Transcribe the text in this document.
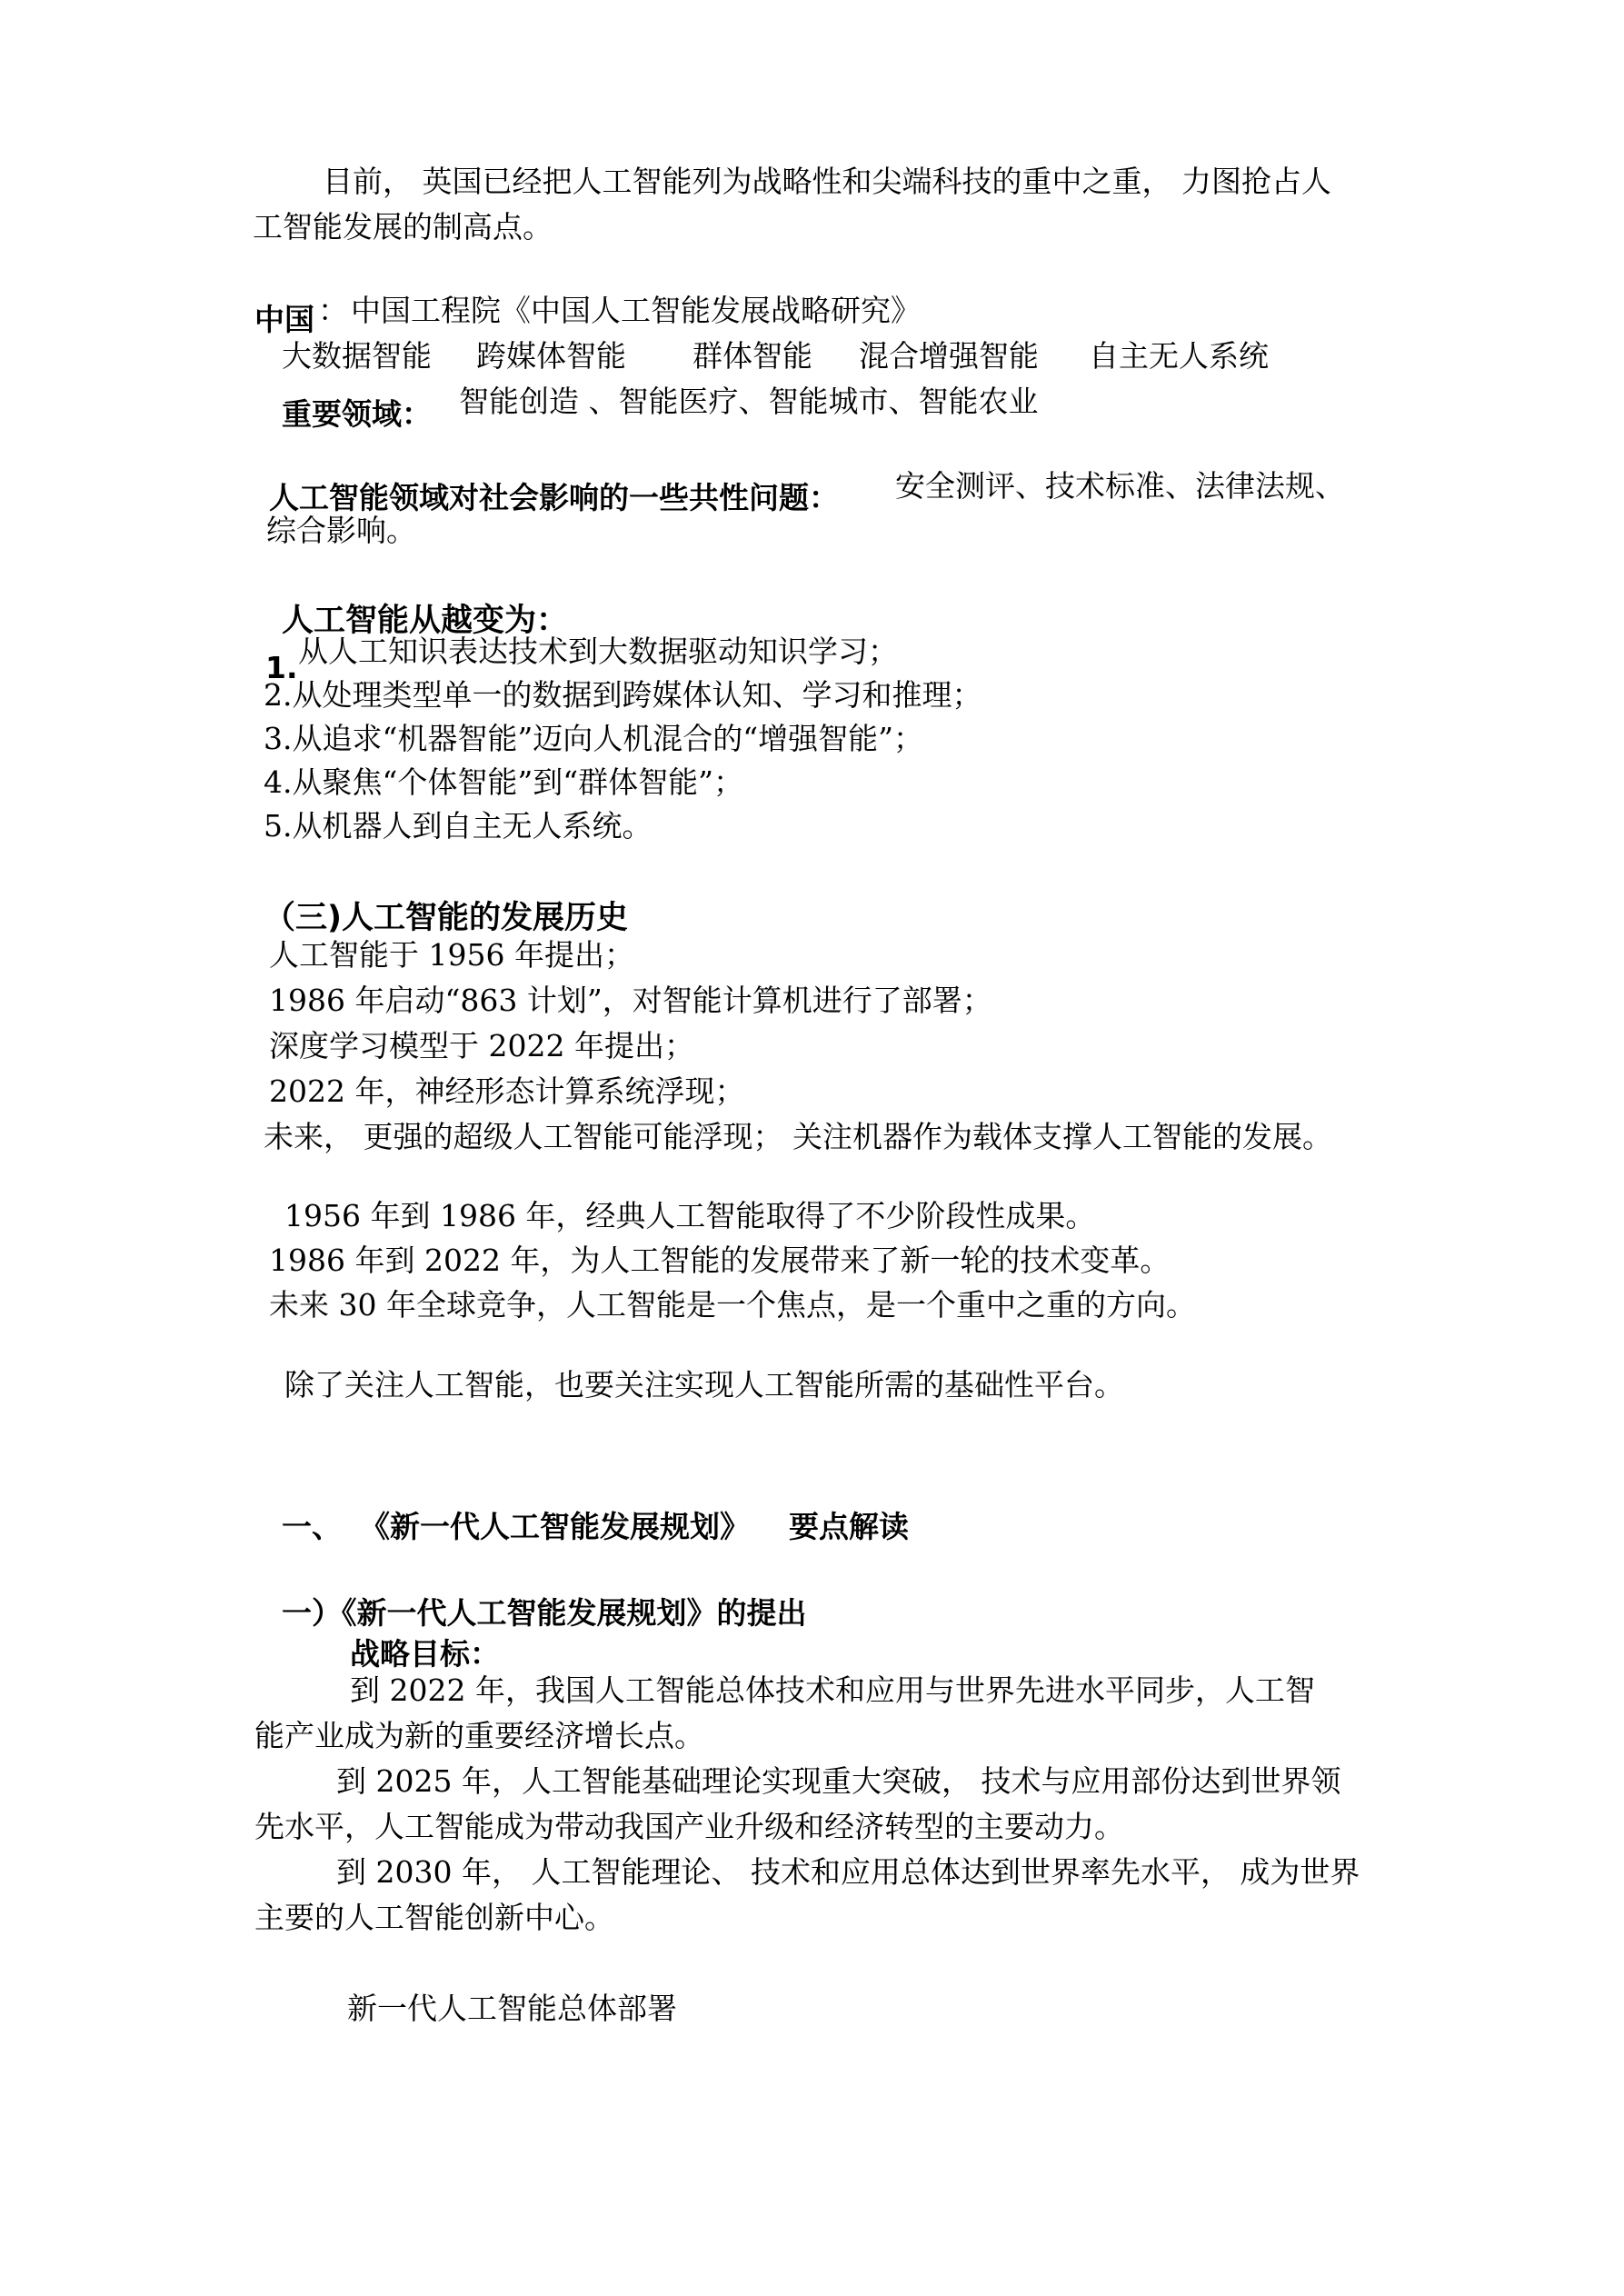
目前， 英国已经把人工智能列为战略性和尖端科技的重中之重， 力图抢占人
工智能发展的制高点。
中国 ： 中国工程院《中国人工智能发展战略研究》
大数据智能 跨媒体智能 群体智能 混合增强智能 自主无人系统
重要领域： 智能创造 、智能医疗、智能城市、智能农业
人工智能领域对社会影响的一些共性问题： 安全测评、技术标准、法律法规、
综合影响。
人工智能从越变为：
1. 从人工知识表达技术到大数据驱动知识学习；
2.从处理类型单一的数据到跨媒体认知、学习和推理；
3.从追求“机器智能”迈向人机混合的“增强智能”；
4.从聚焦“个体智能”到“群体智能”；
5.从机器人到自主无人系统。
（三)人工智能的发展历史
人工智能于 1956 年提出；
1986 年启动“863 计划”，对智能计算机进行了部署；
深度学习模型于 2022 年提出；
2022 年，神经形态计算系统浮现；
未来， 更强的超级人工智能可能浮现； 关注机器作为载体支撑人工智能的发展。
1956 年到 1986 年，经典人工智能取得了不少阶段性成果。
1986 年到 2022 年，为人工智能的发展带来了新一轮的技术变革。
未来 30 年全球竞争，人工智能是一个焦点，是一个重中之重的方向。
除了关注人工智能，也要关注实现人工智能所需的基础性平台。
一、 《新一代人工智能发展规划》 要点解读
一）《新一代人工智能发展规划》的提出
战略目标：
到 2022 年，我国人工智能总体技术和应用与世界先进水平同步，人工智
能产业成为新的重要经济增长点。
到 2025 年，人工智能基础理论实现重大突破， 技术与应用部份达到世界领
先水平，人工智能成为带动我国产业升级和经济转型的主要动力。
到 2030 年， 人工智能理论、 技术和应用总体达到世界率先水平， 成为世界
主要的人工智能创新中心。
新一代人工智能总体部署
